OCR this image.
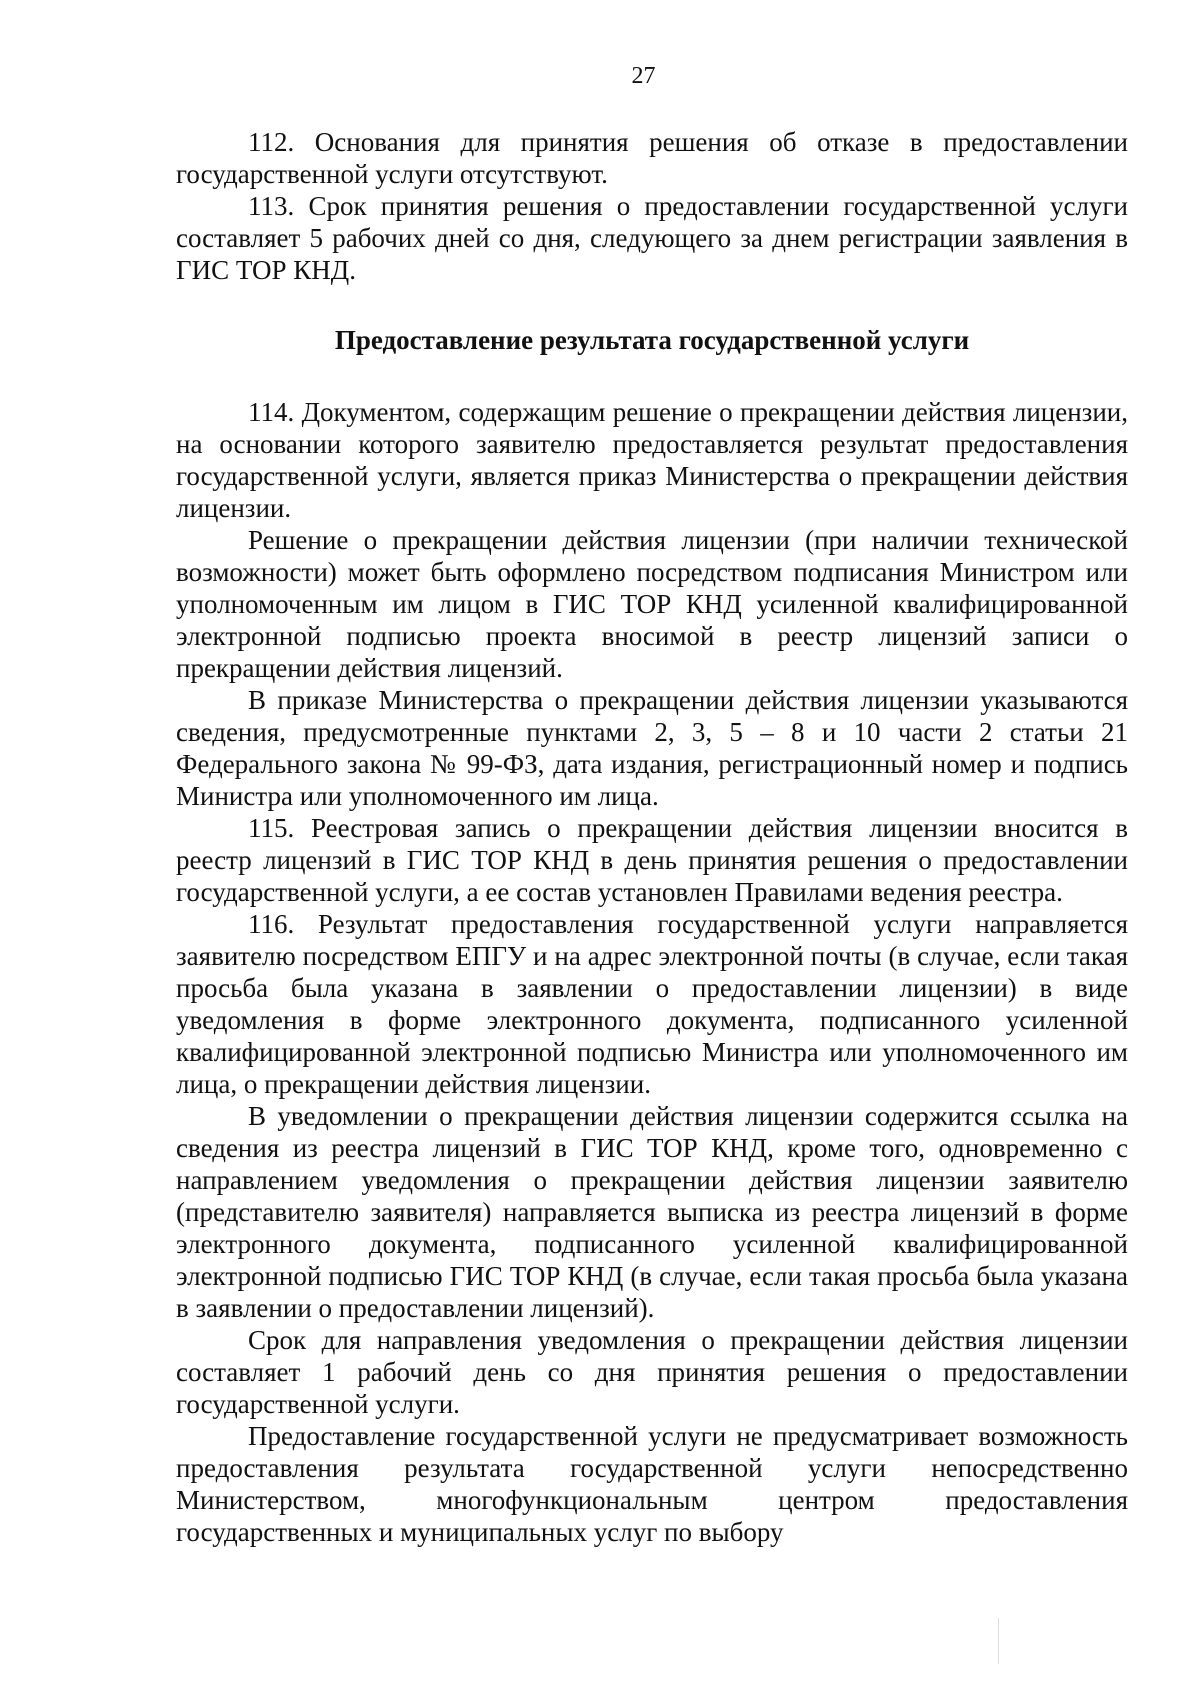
27

112. Основания для принятия решения об отказе в предоставлении государственной услуги отсутствуют.

113. Срок принятия решения о предоставлении государственной услуги составляет 5 рабочих дней со дня, следующего за днем регистрации заявления в ГИС ТОР КНД.

Предоставление результата государственной услуги

114. Документом, содержащим решение о прекращении действия лицензии, на основании которого заявителю предоставляется результат предоставления государственной услуги, является приказ Министерства о прекращении действия лицензии.

Решение о прекращении действия лицензии (при наличии технической возможности) может быть оформлено посредством подписания Министром или уполномоченным им лицом в ГИС ТОР КНД усиленной квалифицированной электронной подписью проекта вносимой в реестр лицензий записи о прекращении действия лицензий.

В приказе Министерства о прекращении действия лицензии указываются сведения, предусмотренные пунктами 2, 3, 5 – 8 и 10 части 2 статьи 21 Федерального закона № 99-ФЗ, дата издания, регистрационный номер и подпись Министра или уполномоченного им лица.

115. Реестровая запись о прекращении действия лицензии вносится в реестр лицензий в ГИС ТОР КНД в день принятия решения о предоставлении государственной услуги, а ее состав установлен Правилами ведения реестра.

116. Результат предоставления государственной услуги направляется заявителю посредством ЕПГУ и на адрес электронной почты (в случае, если такая просьба была указана в заявлении о предоставлении лицензии) в виде уведомления в форме электронного документа, подписанного усиленной квалифицированной электронной подписью Министра или уполномоченного им лица, о прекращении действия лицензии.

В уведомлении о прекращении действия лицензии содержится ссылка на сведения из реестра лицензий в ГИС ТОР КНД, кроме того, одновременно с направлением уведомления о прекращении действия лицензии заявителю (представителю заявителя) направляется выписка из реестра лицензий в форме электронного документа, подписанного усиленной квалифицированной электронной подписью ГИС ТОР КНД (в случае, если такая просьба была указана в заявлении о предоставлении лицензий).

Срок для направления уведомления о прекращении действия лицензии составляет 1 рабочий день со дня принятия решения о предоставлении государственной услуги.

Предоставление государственной услуги не предусматривает возможность предоставления результата государственной услуги непосредственно Министерством, многофункциональным центром предоставления государственных и муниципальных услуг по выбору
